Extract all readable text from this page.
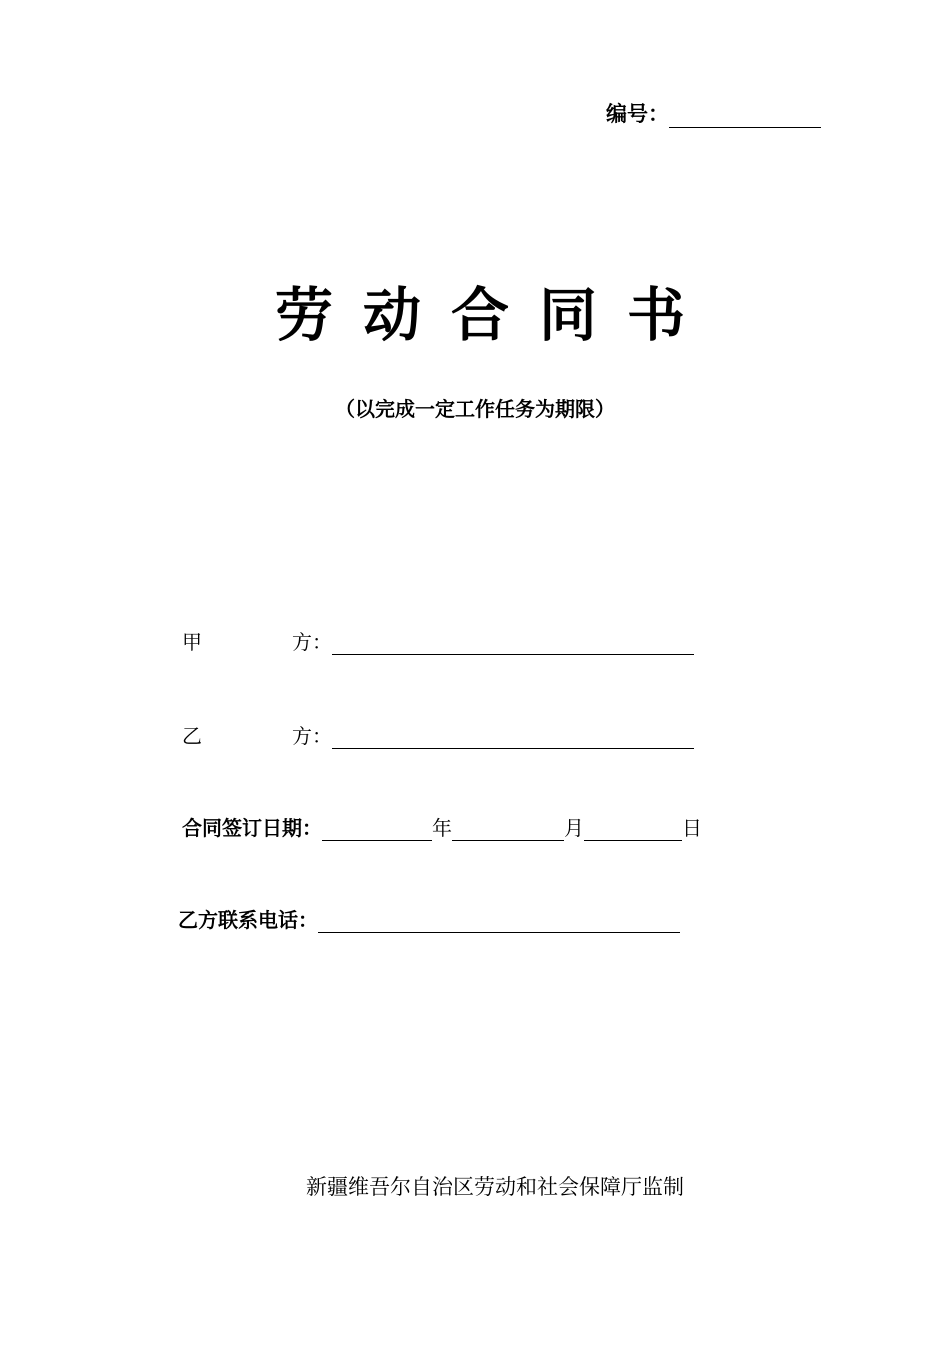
编号：
劳动合同书
（以完成一定工作任务为期限）
甲	方：
乙	方：
合同签订日期：	年	月	日
乙方联系电话：
新疆维吾尔自治区劳动和社会保障厅监制
